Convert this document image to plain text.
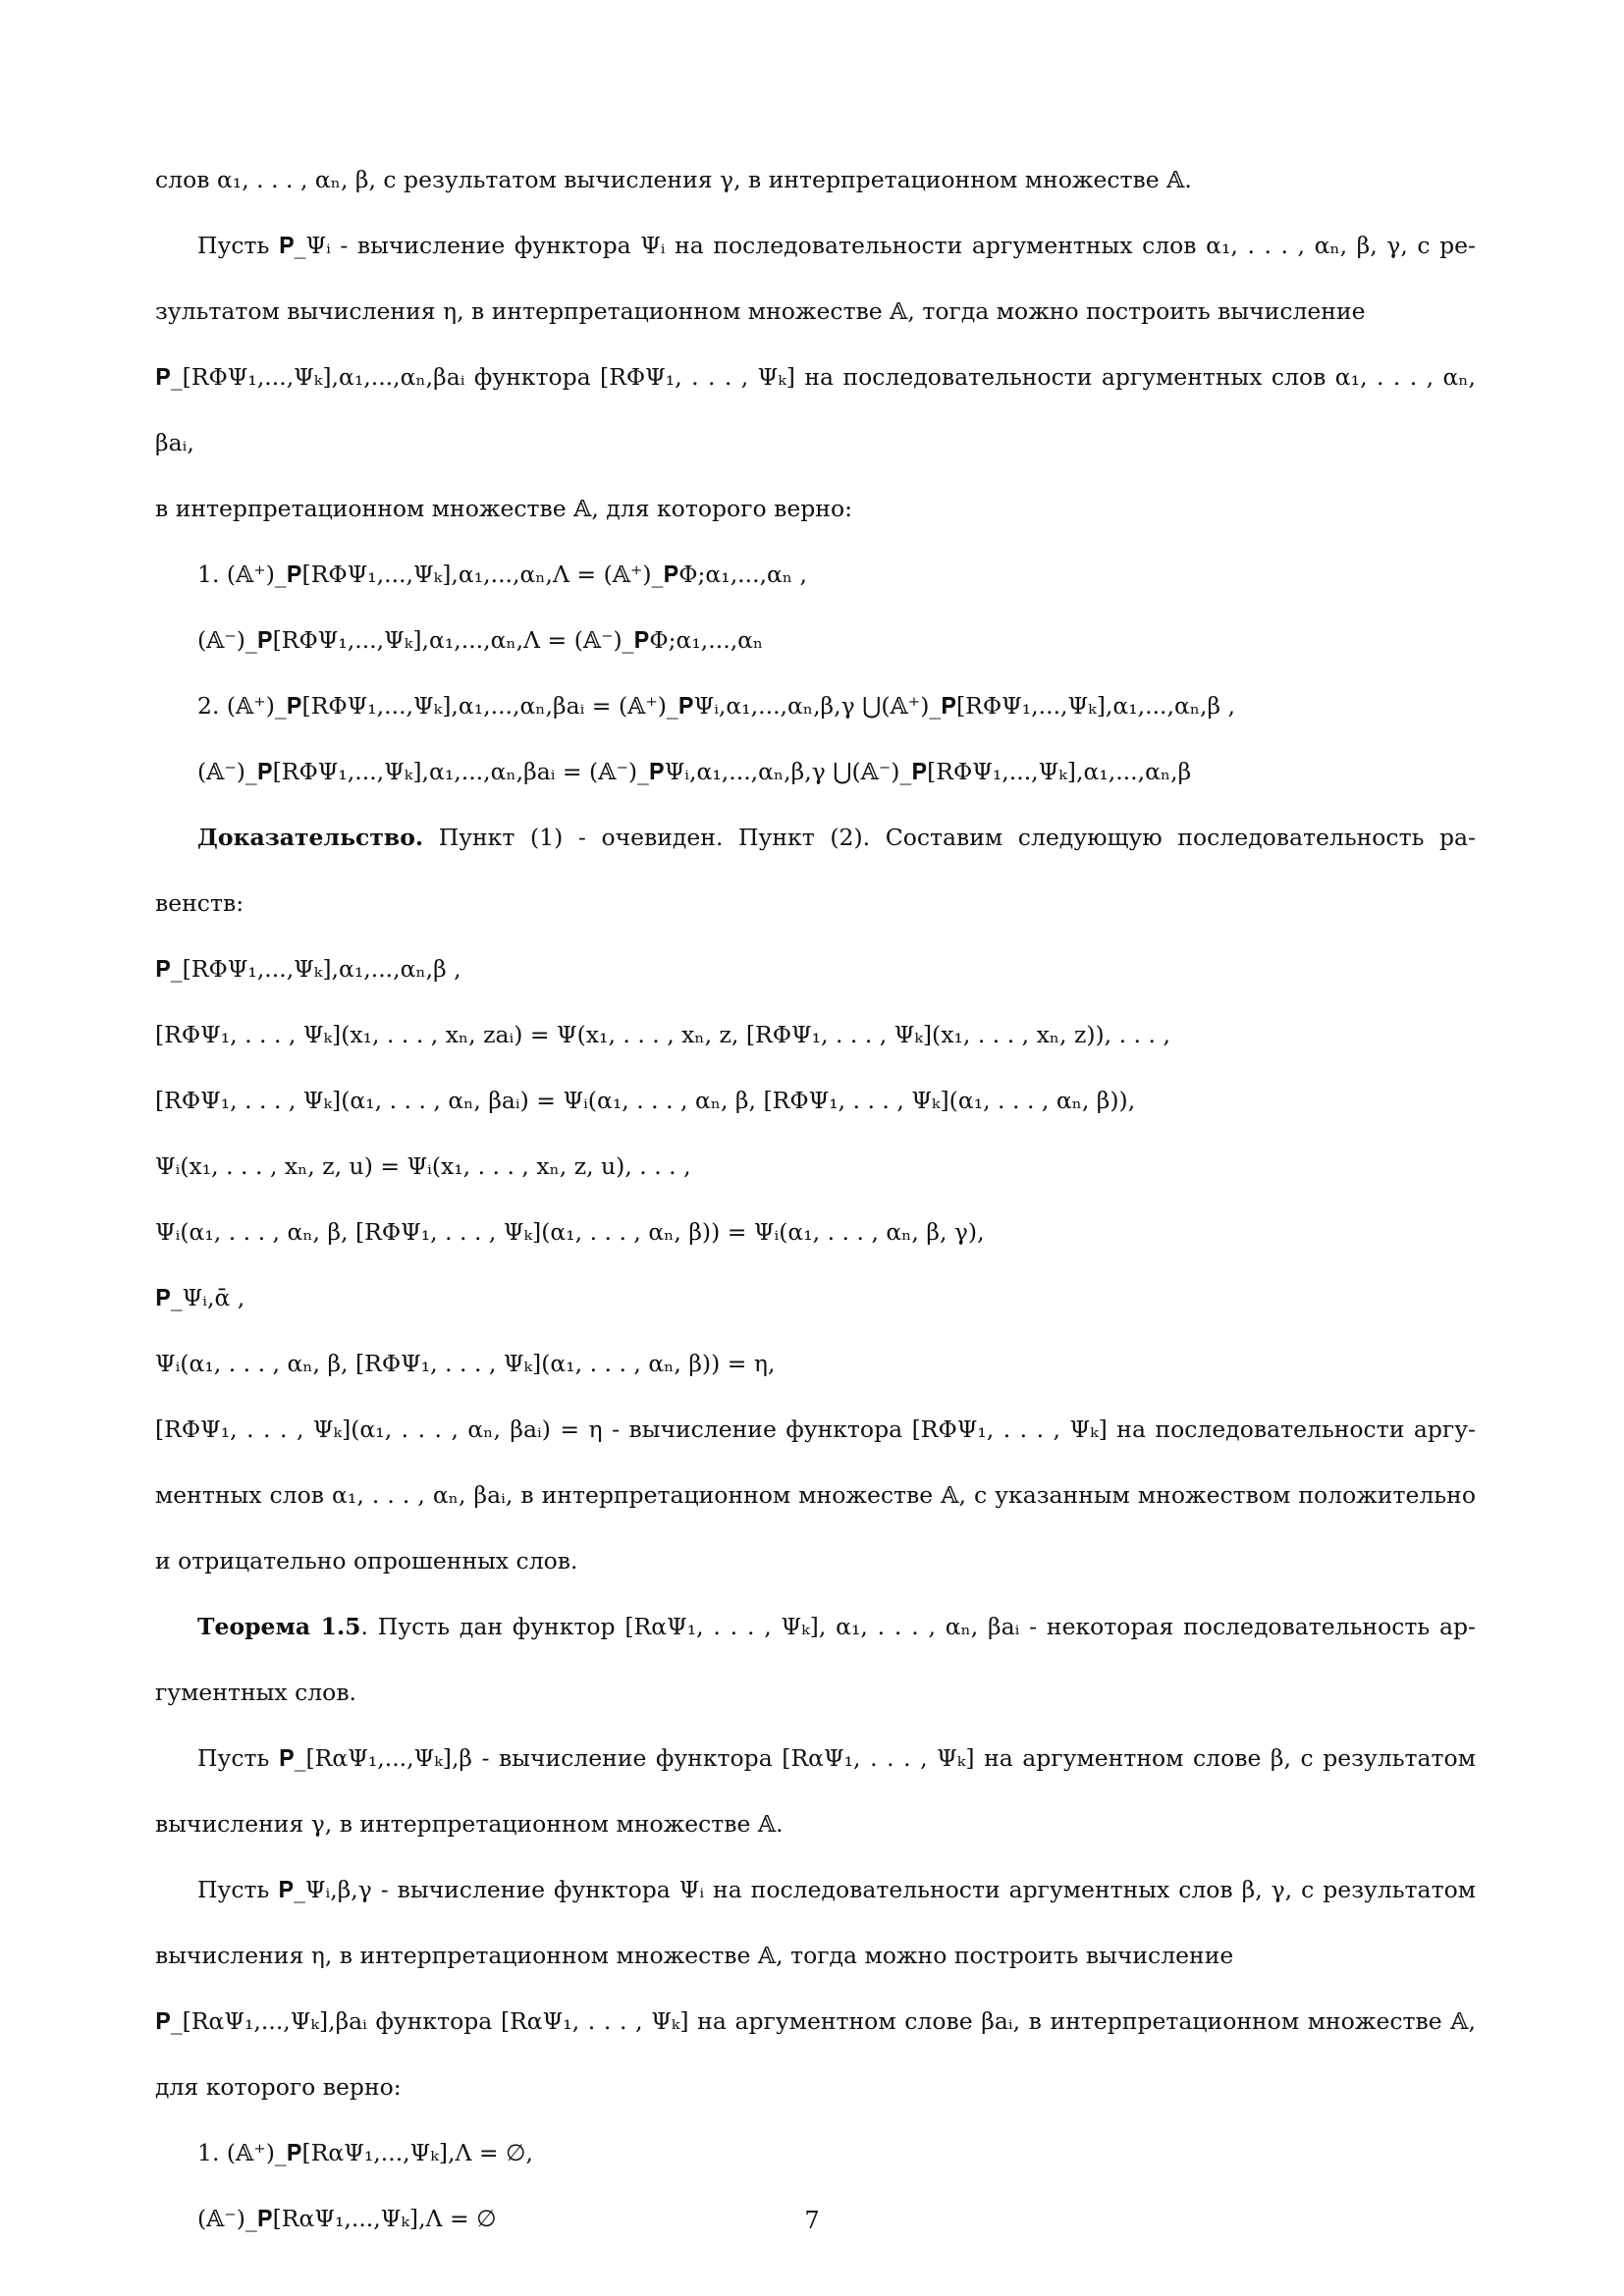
слов α₁, . . . , αₙ, β, с результатом вычисления γ, в интерпретационном множестве 𝔸.
Пусть 𝐏_Ψᵢ - вычисление функтора Ψᵢ на последовательности аргументных слов α₁, . . . , αₙ, β, γ, с ре-
зультатом вычисления η, в интерпретационном множестве 𝔸, тогда можно построить вычисление
𝐏_[RΦΨ₁,...,Ψₖ],α₁,...,αₙ,βaᵢ функтора [RΦΨ₁, . . . , Ψₖ] на последовательности аргументных слов α₁, . . . , αₙ, βaᵢ,
в интерпретационном множестве 𝔸, для которого верно:
1. (𝔸⁺)_𝐏[RΦΨ₁,...,Ψₖ],α₁,...,αₙ,Λ = (𝔸⁺)_𝐏Φ;α₁,...,αₙ ,
(𝔸⁻)_𝐏[RΦΨ₁,...,Ψₖ],α₁,...,αₙ,Λ = (𝔸⁻)_𝐏Φ;α₁,...,αₙ
2. (𝔸⁺)_𝐏[RΦΨ₁,...,Ψₖ],α₁,...,αₙ,βaᵢ = (𝔸⁺)_𝐏Ψᵢ,α₁,...,αₙ,β,γ ⋃(𝔸⁺)_𝐏[RΦΨ₁,...,Ψₖ],α₁,...,αₙ,β ,
(𝔸⁻)_𝐏[RΦΨ₁,...,Ψₖ],α₁,...,αₙ,βaᵢ = (𝔸⁻)_𝐏Ψᵢ,α₁,...,αₙ,β,γ ⋃(𝔸⁻)_𝐏[RΦΨ₁,...,Ψₖ],α₁,...,αₙ,β
Доказательство. Пункт (1) - очевиден. Пункт (2). Составим следующую последовательность ра-
венств:
𝐏_[RΦΨ₁,...,Ψₖ],α₁,...,αₙ,β ,
[RΦΨ₁, . . . , Ψₖ](x₁, . . . , xₙ, zaᵢ) = Ψ(x₁, . . . , xₙ, z, [RΦΨ₁, . . . , Ψₖ](x₁, . . . , xₙ, z)), . . . ,
[RΦΨ₁, . . . , Ψₖ](α₁, . . . , αₙ, βaᵢ) = Ψᵢ(α₁, . . . , αₙ, β, [RΦΨ₁, . . . , Ψₖ](α₁, . . . , αₙ, β)),
Ψᵢ(x₁, . . . , xₙ, z, u) = Ψᵢ(x₁, . . . , xₙ, z, u), . . . ,
Ψᵢ(α₁, . . . , αₙ, β, [RΦΨ₁, . . . , Ψₖ](α₁, . . . , αₙ, β)) = Ψᵢ(α₁, . . . , αₙ, β, γ),
𝐏_Ψᵢ,ᾱ ,
Ψᵢ(α₁, . . . , αₙ, β, [RΦΨ₁, . . . , Ψₖ](α₁, . . . , αₙ, β)) = η,
[RΦΨ₁, . . . , Ψₖ](α₁, . . . , αₙ, βaᵢ) = η - вычисление функтора [RΦΨ₁, . . . , Ψₖ] на последовательности аргу-
ментных слов α₁, . . . , αₙ, βaᵢ, в интерпретационном множестве 𝔸, с указанным множеством положительно
и отрицательно опрошенных слов.
Теорема 1.5. Пусть дан функтор [RαΨ₁, . . . , Ψₖ], α₁, . . . , αₙ, βaᵢ - некоторая последовательность ар-
гументных слов.
Пусть 𝐏_[RαΨ₁,...,Ψₖ],β - вычисление функтора [RαΨ₁, . . . , Ψₖ] на аргументном слове β, с результатом
вычисления γ, в интерпретационном множестве 𝔸.
Пусть 𝐏_Ψᵢ,β,γ - вычисление функтора Ψᵢ на последовательности аргументных слов β, γ, с результатом
вычисления η, в интерпретационном множестве 𝔸, тогда можно построить вычисление
𝐏_[RαΨ₁,...,Ψₖ],βaᵢ функтора [RαΨ₁, . . . , Ψₖ] на аргументном слове βaᵢ, в интерпретационном множестве 𝔸,
для которого верно:
1. (𝔸⁺)_𝐏[RαΨ₁,...,Ψₖ],Λ = ∅,
(𝔸⁻)_𝐏[RαΨ₁,...,Ψₖ],Λ = ∅	7
